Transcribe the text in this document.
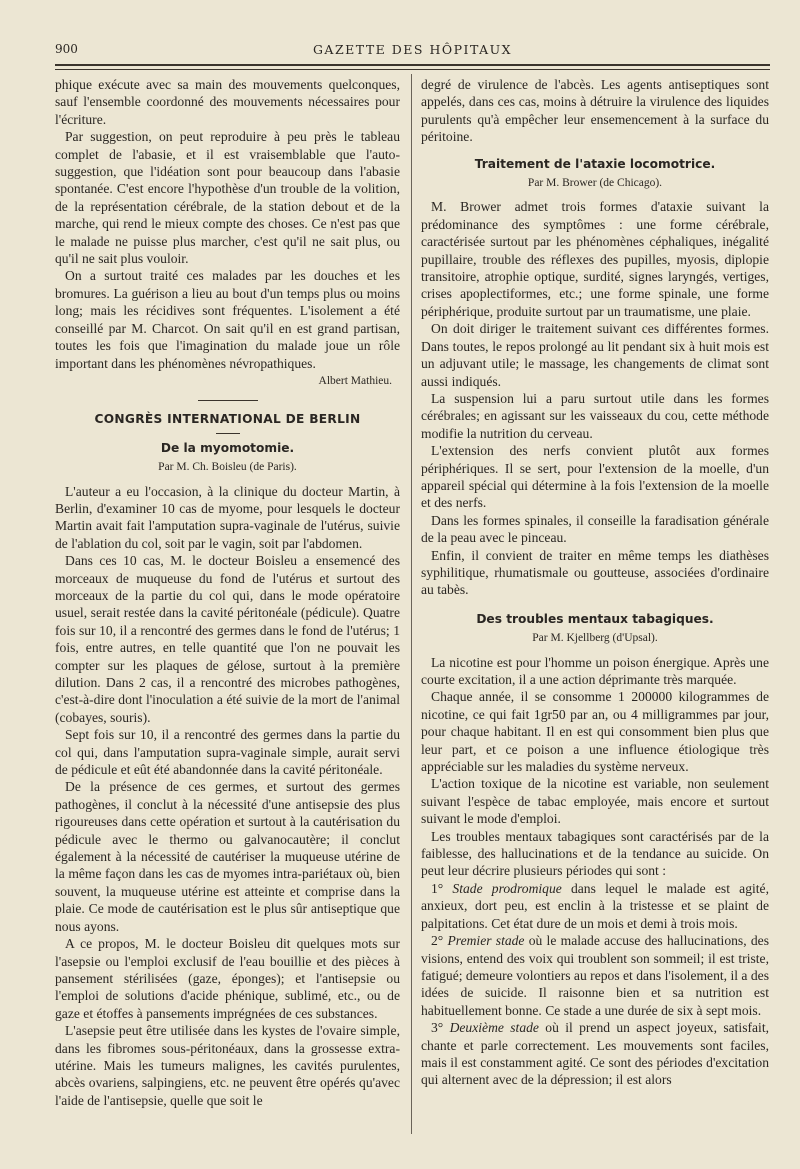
900	GAZETTE DES HÔPITAUX

phique exécute avec sa main des mouvements quelconques, sauf l'ensemble coordonné des mouvements nécessaires pour l'écriture.

Par suggestion, on peut reproduire à peu près le tableau complet de l'abasie, et il est vraisemblable que l'auto-suggestion, que l'idéation sont pour beaucoup dans l'abasie spontanée. C'est encore l'hypothèse d'un trouble de la volition, de la représentation cérébrale, de la station debout et de la marche, qui rend le mieux compte des choses. Ce n'est pas que le malade ne puisse plus marcher, c'est qu'il ne sait plus, ou qu'il ne sait plus vouloir.

On a surtout traité ces malades par les douches et les bromures. La guérison a lieu au bout d'un temps plus ou moins long; mais les récidives sont fréquentes. L'isolement a été conseillé par M. Charcot. On sait qu'il en est grand partisan, toutes les fois que l'imagination du malade joue un rôle important dans les phénomènes névropathiques.

Albert Mathieu.
CONGRÈS INTERNATIONAL DE BERLIN
De la myomotomie.
Par M. Ch. Boisleu (de Paris).

L'auteur a eu l'occasion, à la clinique du docteur Martin, à Berlin, d'examiner 10 cas de myome, pour lesquels le docteur Martin avait fait l'amputation supra-vaginale de l'utérus, suivie de l'ablation du col, soit par le vagin, soit par l'abdomen.

Dans ces 10 cas, M. le docteur Boisleu a ensemencé des morceaux de muqueuse du fond de l'utérus et surtout des morceaux de la partie du col qui, dans le mode opératoire usuel, serait restée dans la cavité péritonéale (pédicule). Quatre fois sur 10, il a rencontré des germes dans le fond de l'utérus; 1 fois, entre autres, en telle quantité que l'on ne pouvait les compter sur les plaques de gélose, surtout à la première dilution. Dans 2 cas, il a rencontré des microbes pathogènes, c'est-à-dire dont l'inoculation a été suivie de la mort de l'animal (cobayes, souris).

Sept fois sur 10, il a rencontré des germes dans la partie du col qui, dans l'amputation supra-vaginale simple, aurait servi de pédicule et eût été abandonnée dans la cavité péritonéale.

De la présence de ces germes, et surtout des germes pathogènes, il conclut à la nécessité d'une antisepsie des plus rigoureuses dans cette opération et surtout à la cautérisation du pédicule avec le thermo ou galvanocautère; il conclut également à la nécessité de cautériser la muqueuse utérine de la même façon dans les cas de myomes intra-pariétaux où, bien souvent, la muqueuse utérine est atteinte et comprise dans la plaie. Ce mode de cautérisation est le plus sûr antiseptique que nous ayons.

A ce propos, M. le docteur Boisleu dit quelques mots sur l'asepsie ou l'emploi exclusif de l'eau bouillie et des pièces à pansement stérilisées (gaze, éponges); et l'antisepsie ou l'emploi de solutions d'acide phénique, sublimé, etc., ou de gaze et étoffes à pansements imprégnées de ces substances.

L'asepsie peut être utilisée dans les kystes de l'ovaire simple, dans les fibromes sous-péritonéaux, dans la grossesse extra-utérine. Mais les tumeurs malignes, les cavités purulentes, abcès ovariens, salpingiens, etc. ne peuvent être opérés qu'avec l'aide de l'antisepsie, quelle que soit le

degré de virulence de l'abcès. Les agents antiseptiques sont appelés, dans ces cas, moins à détruire la virulence des liquides purulents qu'à empêcher leur ensemencement à la surface du péritoine.

Traitement de l'ataxie locomotrice.
Par M. Brower (de Chicago).

M. Brower admet trois formes d'ataxie suivant la prédominance des symptômes : une forme cérébrale, caractérisée surtout par les phénomènes céphaliques, inégalité pupillaire, trouble des réflexes des pupilles, myosis, diplopie transitoire, atrophie optique, surdité, signes laryngés, vertiges, crises apoplectiformes, etc.; une forme spinale, une forme périphérique, produite surtout par un traumatisme, une plaie.

On doit diriger le traitement suivant ces différentes formes. Dans toutes, le repos prolongé au lit pendant six à huit mois est un adjuvant utile; le massage, les changements de climat sont aussi indiqués.

La suspension lui a paru surtout utile dans les formes cérébrales; en agissant sur les vaisseaux du cou, cette méthode modifie la nutrition du cerveau.

L'extension des nerfs convient plutôt aux formes périphériques. Il se sert, pour l'extension de la moelle, d'un appareil spécial qui détermine à la fois l'extension de la moelle et des nerfs.

Dans les formes spinales, il conseille la faradisation générale de la peau avec le pinceau.

Enfin, il convient de traiter en même temps les diathèses syphilitique, rhumatismale ou goutteuse, associées d'ordinaire au tabès.

Des troubles mentaux tabagiques.
Par M. Kjellberg (d'Upsal).

La nicotine est pour l'homme un poison énergique. Après une courte excitation, il a une action déprimante très marquée.

Chaque année, il se consomme 1 200000 kilogrammes de nicotine, ce qui fait 1gr50 par an, ou 4 milligrammes par jour, pour chaque habitant. Il en est qui consomment bien plus que leur part, et ce poison a une influence étiologique très appréciable sur les maladies du système nerveux.

L'action toxique de la nicotine est variable, non seulement suivant l'espèce de tabac employée, mais encore et surtout suivant le mode d'emploi.

Les troubles mentaux tabagiques sont caractérisés par de la faiblesse, des hallucinations et de la tendance au suicide. On peut leur décrire plusieurs périodes qui sont :

1° Stade prodromique dans lequel le malade est agité, anxieux, dort peu, est enclin à la tristesse et se plaint de palpitations. Cet état dure de un mois et demi à trois mois.

2° Premier stade où le malade accuse des hallucinations, des visions, entend des voix qui troublent son sommeil; il est triste, fatigué; demeure volontiers au repos et dans l'isolement, il a des idées de suicide. Il raisonne bien et sa nutrition est habituellement bonne. Ce stade a une durée de six à sept mois.

3° Deuxième stade où il prend un aspect joyeux, satisfait, chante et parle correctement. Les mouvements sont faciles, mais il est constamment agité. Ce sont des périodes d'excitation qui alternent avec de la dépression; il est alors
